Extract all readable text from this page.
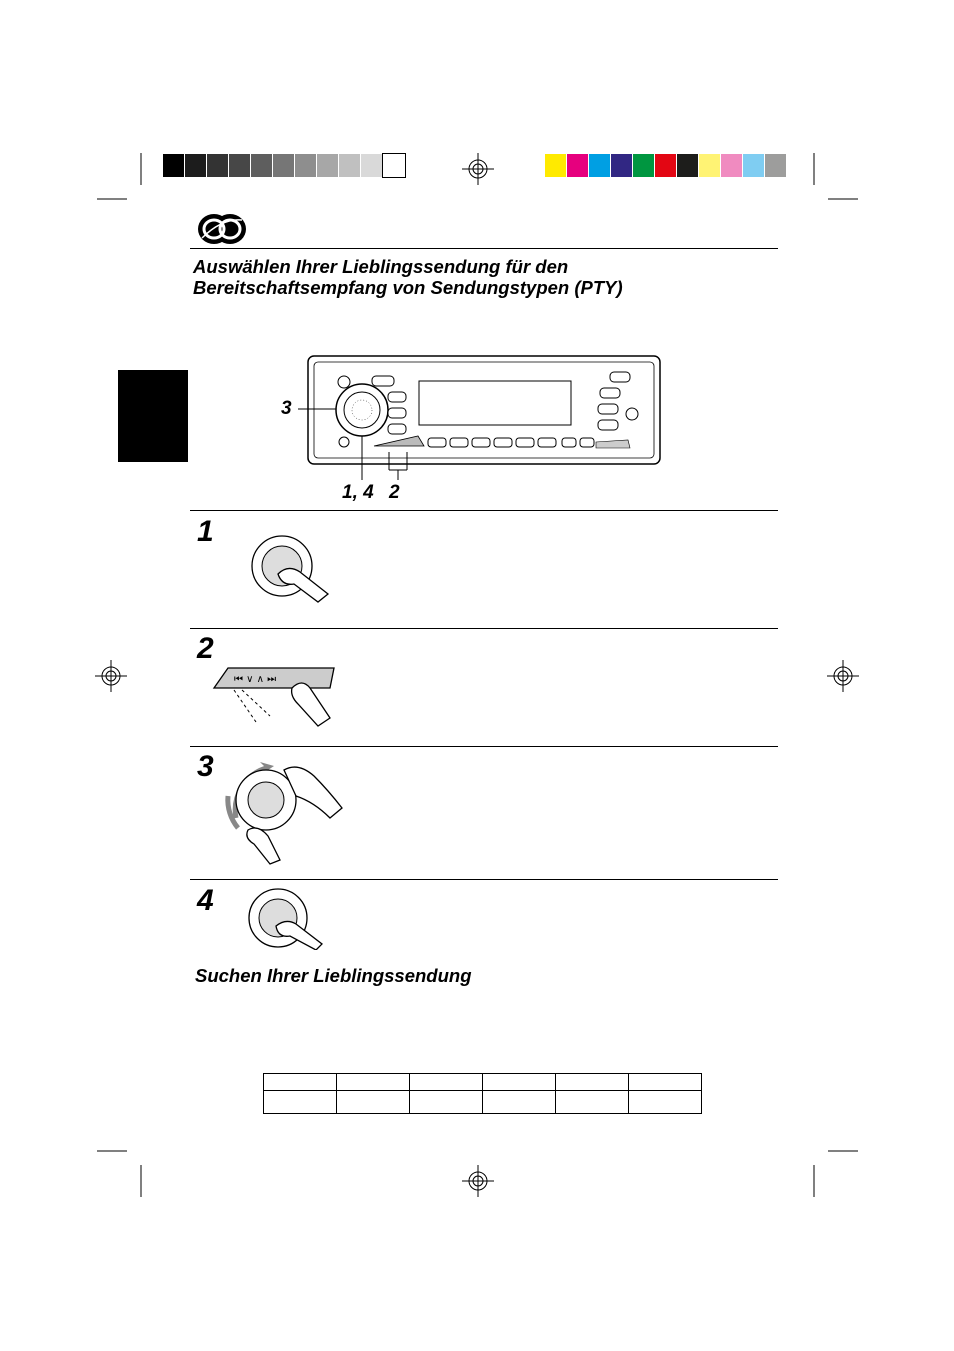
Auswählen Ihrer Lieblingssendung für den
Bereitschaftsempfang von Sendungstypen (PTY)
3
1, 4 2
1
2
⏮ ∨ ∧ ⏭
3
4
Suchen Ihrer Lieblingssendung
